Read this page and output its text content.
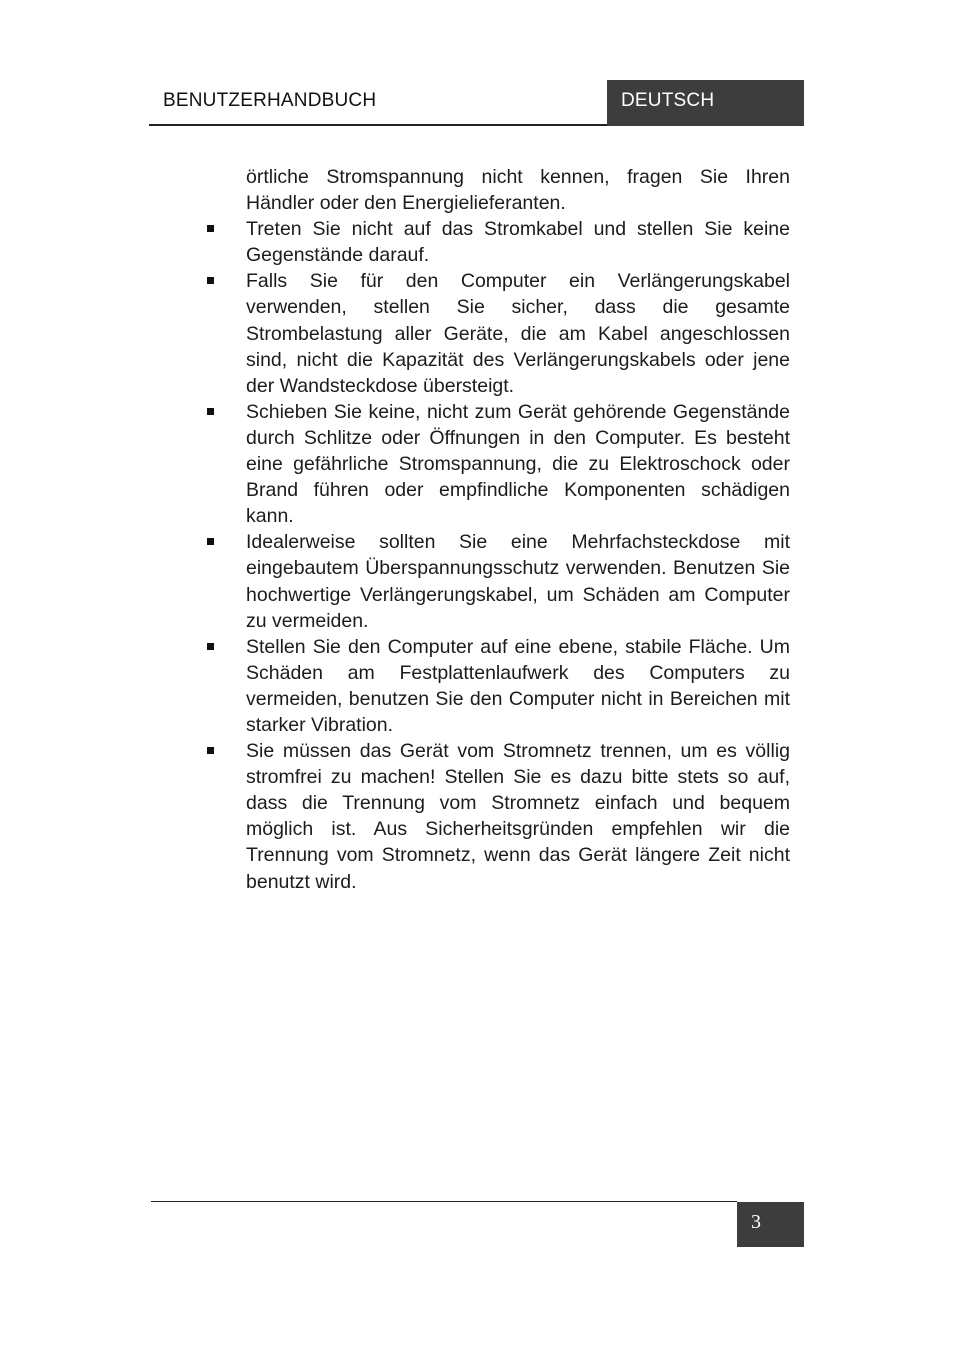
BENUTZERHANDBUCH	DEUTSCH

örtliche Stromspannung nicht kennen, fragen Sie Ihren Händler oder den Energielieferanten.

Treten Sie nicht auf das Stromkabel und stellen Sie keine Gegenstände darauf.

Falls Sie für den Computer ein Verlängerungskabel verwenden, stellen Sie sicher, dass die gesamte Strombelastung aller Geräte, die am Kabel angeschlossen sind, nicht die Kapazität des Verlängerungskabels oder jene der Wandsteckdose übersteigt.

Schieben Sie keine, nicht zum Gerät gehörende Gegenstände durch Schlitze oder Öffnungen in den Computer. Es besteht eine gefährliche Stromspannung, die zu Elektroschock oder Brand führen oder empfindliche Komponenten schädigen kann.

Idealerweise sollten Sie eine Mehrfachsteckdose mit eingebautem Überspannungsschutz verwenden. Benutzen Sie hochwertige Verlängerungskabel, um Schäden am Computer zu vermeiden.

Stellen Sie den Computer auf eine ebene, stabile Fläche. Um Schäden am Festplattenlaufwerk des Computers zu vermeiden, benutzen Sie den Computer nicht in Bereichen mit starker Vibration.

Sie müssen das Gerät vom Stromnetz trennen, um es völlig stromfrei zu machen! Stellen Sie es dazu bitte stets so auf, dass die Trennung vom Stromnetz einfach und bequem möglich ist. Aus Sicherheitsgründen empfehlen wir die Trennung vom Stromnetz, wenn das Gerät längere Zeit nicht benutzt wird.

3
